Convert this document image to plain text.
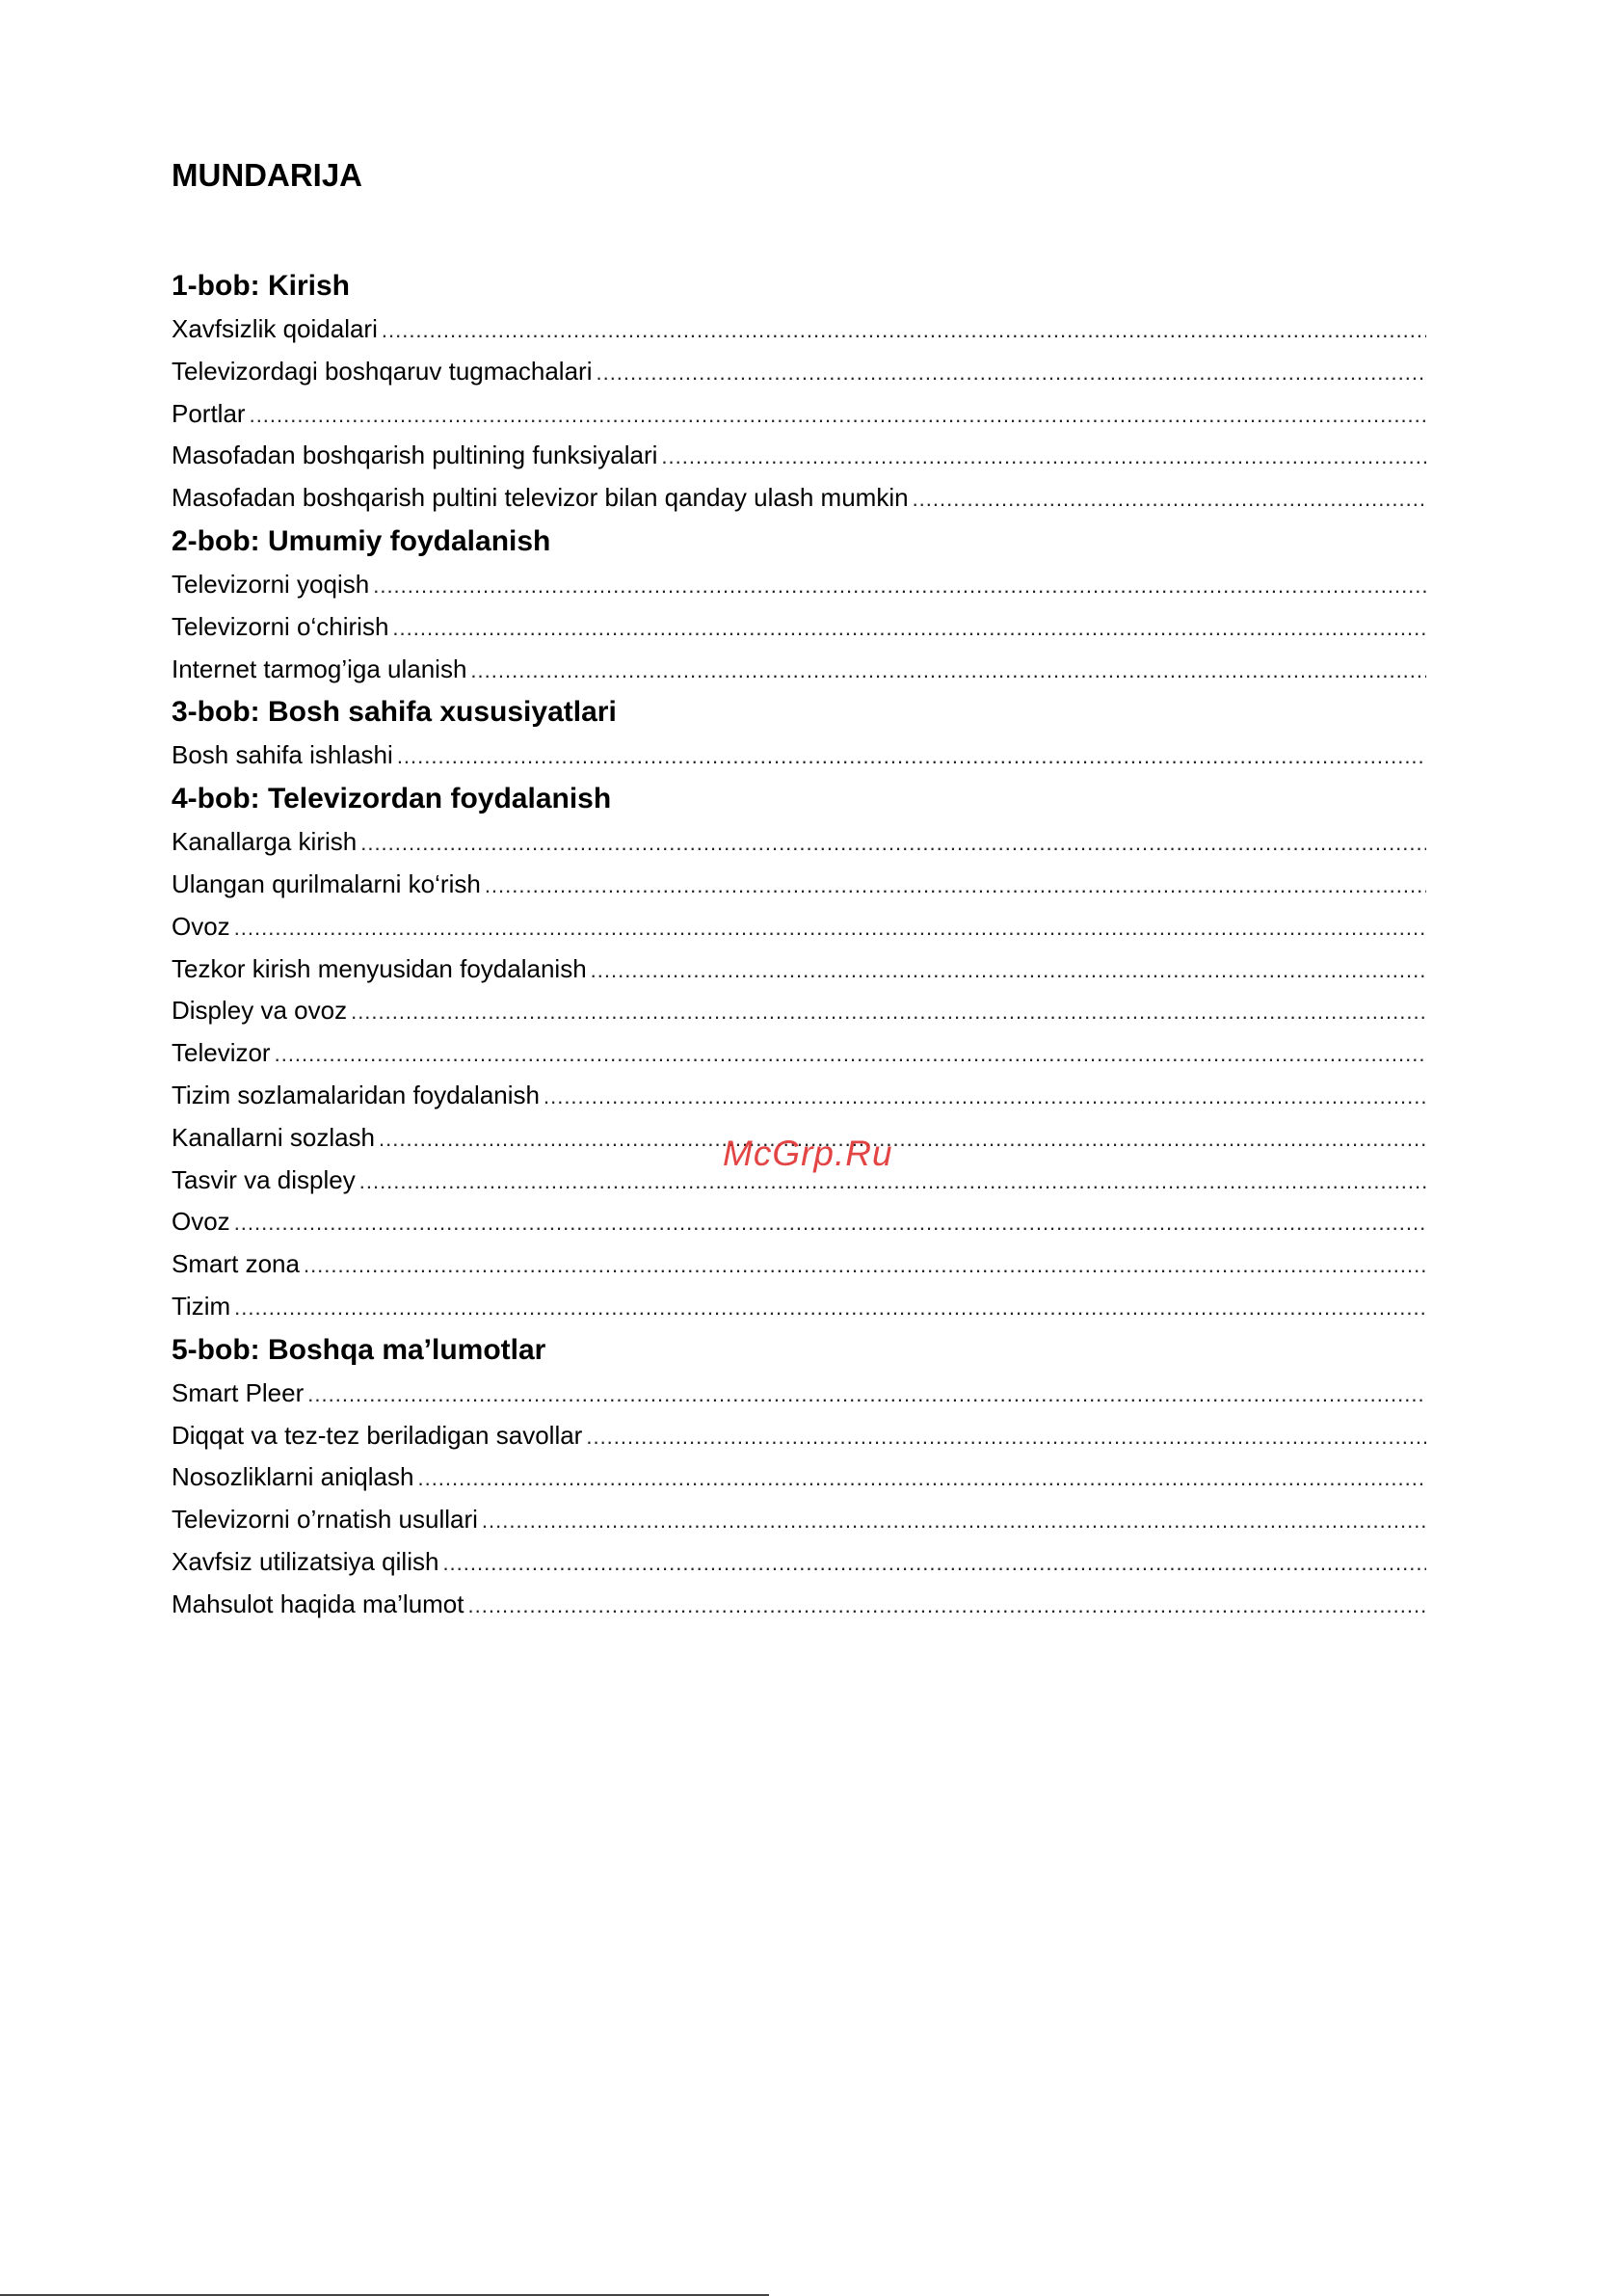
MUNDARIJA
1-bob: Kirish
Xavfsizlik qoidalari
.....
Televizordagi boshqaruv tugmachalari
.....
Portlar
.....
Masofadan boshqarish pultining funksiyalari
.....
Masofadan boshqarish pultini televizor bilan qanday ulash mumkin
.....
2-bob: Umumiy foydalanish
Televizorni yoqish
.....
Televizorni o‘chirish
.....
Internet tarmog’iga ulanish
.....
3-bob: Bosh sahifa xususiyatlari
Bosh sahifa ishlashi
.....
4-bob: Televizordan foydalanish
Kanallarga kirish
.....
Ulangan qurilmalarni ko‘rish
.....
Ovoz
.....
Tezkor kirish menyusidan foydalanish
.....
Displey va ovoz
.....
Televizor
.....
Tizim sozlamalaridan foydalanish
.....
Kanallarni sozlash
.....
Tasvir va displey
.....
Ovoz
.....
Smart zona
.....
Tizim
.....
5-bob: Boshqa ma’lumotlar
Smart Pleer
.....
Diqqat va tez-tez beriladigan savollar
.....
Nosozliklarni aniqlash
.....
Televizorni o’rnatish usullari
.....
Xavfsiz utilizatsiya qilish
.....
Mahsulot haqida ma’lumot
.....
McGrp.Ru
